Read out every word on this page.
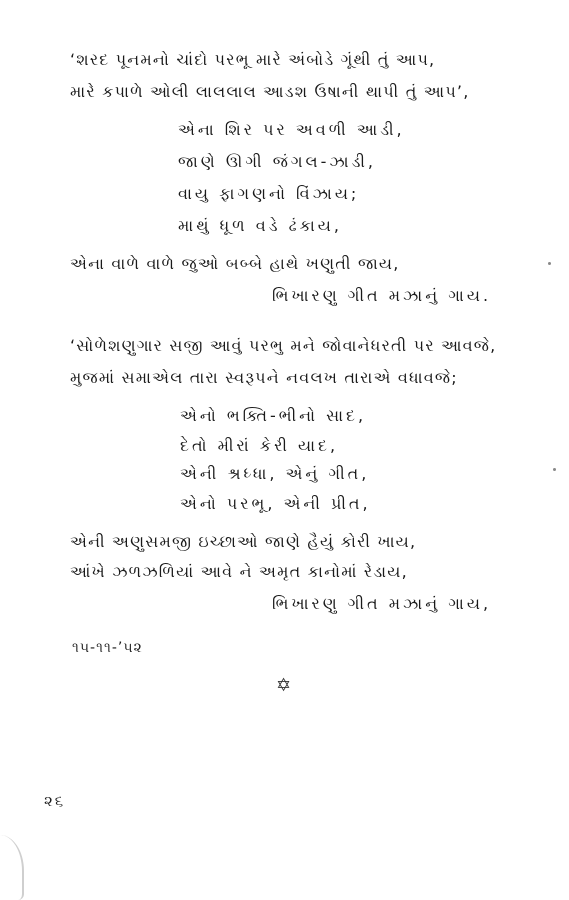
‘શરદ પૂનમનો ચાંદો પરભૂ મારે અંબોડે ગૂંથી તું આપ,
મારે કપાળે ઓલી લાલલાલ આડશ ઉષાની થાપી તું આપ’,
એના શિર પર અવળી આડી,
જાણે ઊગી જંગલ-ઝાડી,
વાયુ ફાગણનો વિંઝાય;
માથું ધૂળ વડે ઢંકાય,
એના વાળે વાળે જુઓ બબ્બે હાથે ખણુતી જાય,
ભિખારણુ ગીત મઝાનું ગાય.
‘સોળેશણુગાર સજી આવું પરભુ મને જોવાનેધરતી પર આવજે,
મુજમાં સમાએલ તારા સ્વરૂપને નવલખ તારાએ વધાવજે;
એનો ભક્તિ-ભીનો સાદ,
દેતો મીરાં કેરી યાદ,
એની શ્રધ્ધા, એનું ગીત,
એનો પરભૂ, એની પ્રીત,
એની અણુસમજી ઇચ્છાઓ જાણે હૈયું કોરી ખાય,
આંખે ઝળઝળિયાં આવે ને અમૃત કાનોમાં રેડાય,
ભિખારણુ ગીત મઝાનું ગાય,
૧૫-૧૧-’૫૨
✡
૨૬
